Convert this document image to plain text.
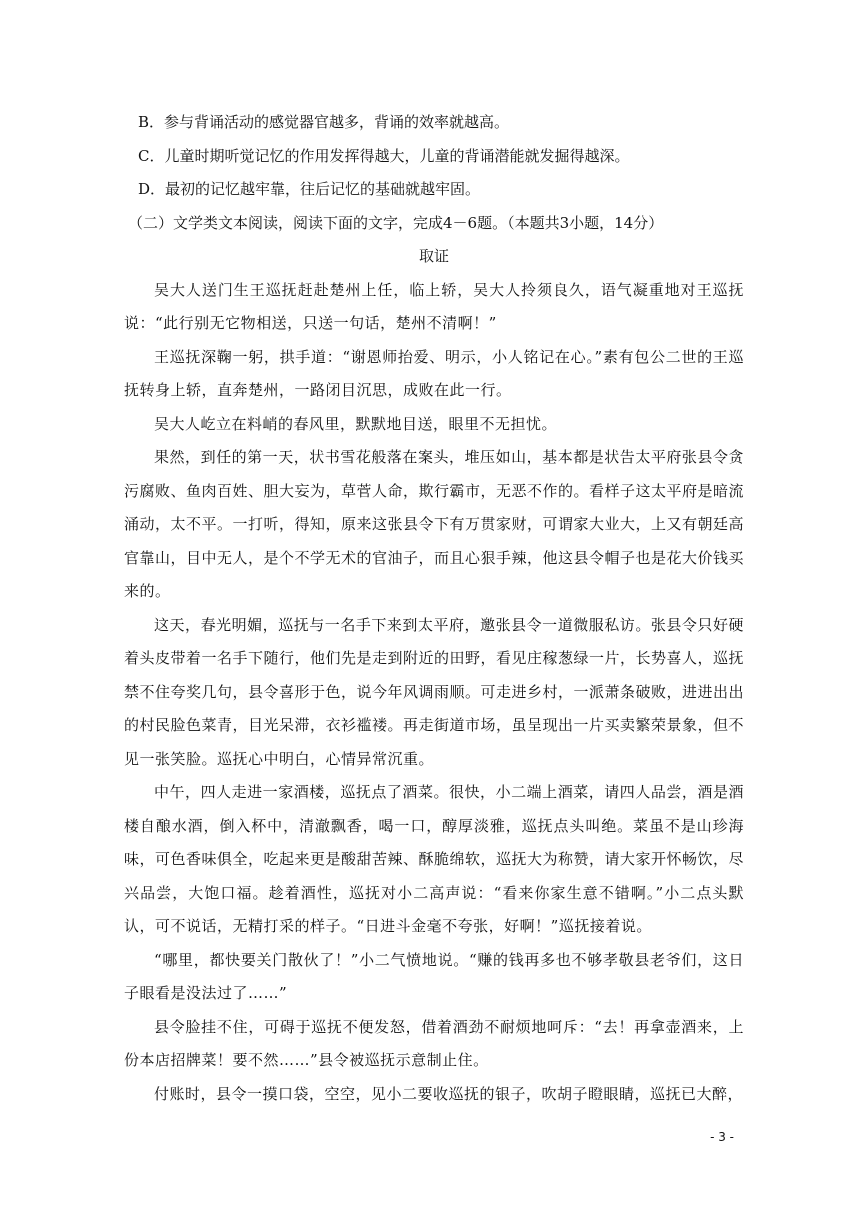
B．参与背诵活动的感觉器官越多，背诵的效率就越高。
C．儿童时期听觉记忆的作用发挥得越大，儿童的背诵潜能就发掘得越深。
D．最初的记忆越牢靠，往后记忆的基础就越牢固。
（二）文学类文本阅读，阅读下面的文字，完成4－6题。（本题共3小题，14分）
取证
吴大人送门生王巡抚赶赴楚州上任，临上轿，吴大人拎须良久，语气凝重地对王巡抚说：“此行别无它物相送，只送一句话，楚州不清啊！”
王巡抚深鞠一躬，拱手道：“谢恩师抬爱、明示，小人铭记在心。”素有包公二世的王巡抚转身上轿，直奔楚州，一路闭目沉思，成败在此一行。
吴大人屹立在料峭的春风里，默默地目送，眼里不无担忧。
果然，到任的第一天，状书雪花般落在案头，堆压如山，基本都是状告太平府张县令贪污腐败、鱼肉百姓、胆大妄为，草菅人命，欺行霸市，无恶不作的。看样子这太平府是暗流涌动，太不平。一打听，得知，原来这张县令下有万贯家财，可谓家大业大，上又有朝廷高官靠山，目中无人，是个不学无术的官油子，而且心狠手辣，他这县令帽子也是花大价钱买来的。
这天，春光明媚，巡抚与一名手下来到太平府，邀张县令一道微服私访。张县令只好硬着头皮带着一名手下随行，他们先是走到附近的田野，看见庄稼葱绿一片，长势喜人，巡抚禁不住夸奖几句，县令喜形于色，说今年风调雨顺。可走进乡村，一派萧条破败，进进出出的村民脸色菜青，目光呆滞，衣衫褴褛。再走街道市场，虽呈现出一片买卖繁荣景象，但不见一张笑脸。巡抚心中明白，心情异常沉重。
中午，四人走进一家酒楼，巡抚点了酒菜。很快，小二端上酒菜，请四人品尝，酒是酒楼自酿水酒，倒入杯中，清澈飘香，喝一口，醇厚淡雅，巡抚点头叫绝。菜虽不是山珍海味，可色香味俱全，吃起来更是酸甜苦辣、酥脆绵软，巡抚大为称赞，请大家开怀畅饮，尽兴品尝，大饱口福。趁着酒性，巡抚对小二高声说：“看来你家生意不错啊。”小二点头默认，可不说话，无精打采的样子。“日进斗金毫不夸张，好啊！”巡抚接着说。
“哪里，都快要关门散伙了！”小二气愤地说。“赚的钱再多也不够孝敬县老爷们，这日子眼看是没法过了……”
县令脸挂不住，可碍于巡抚不便发怒，借着酒劲不耐烦地呵斥：“去！再拿壶酒来，上份本店招牌菜！要不然……”县令被巡抚示意制止住。
付账时，县令一摸口袋，空空，见小二要收巡抚的银子，吹胡子瞪眼睛，巡抚已大醉，
- 3 -
